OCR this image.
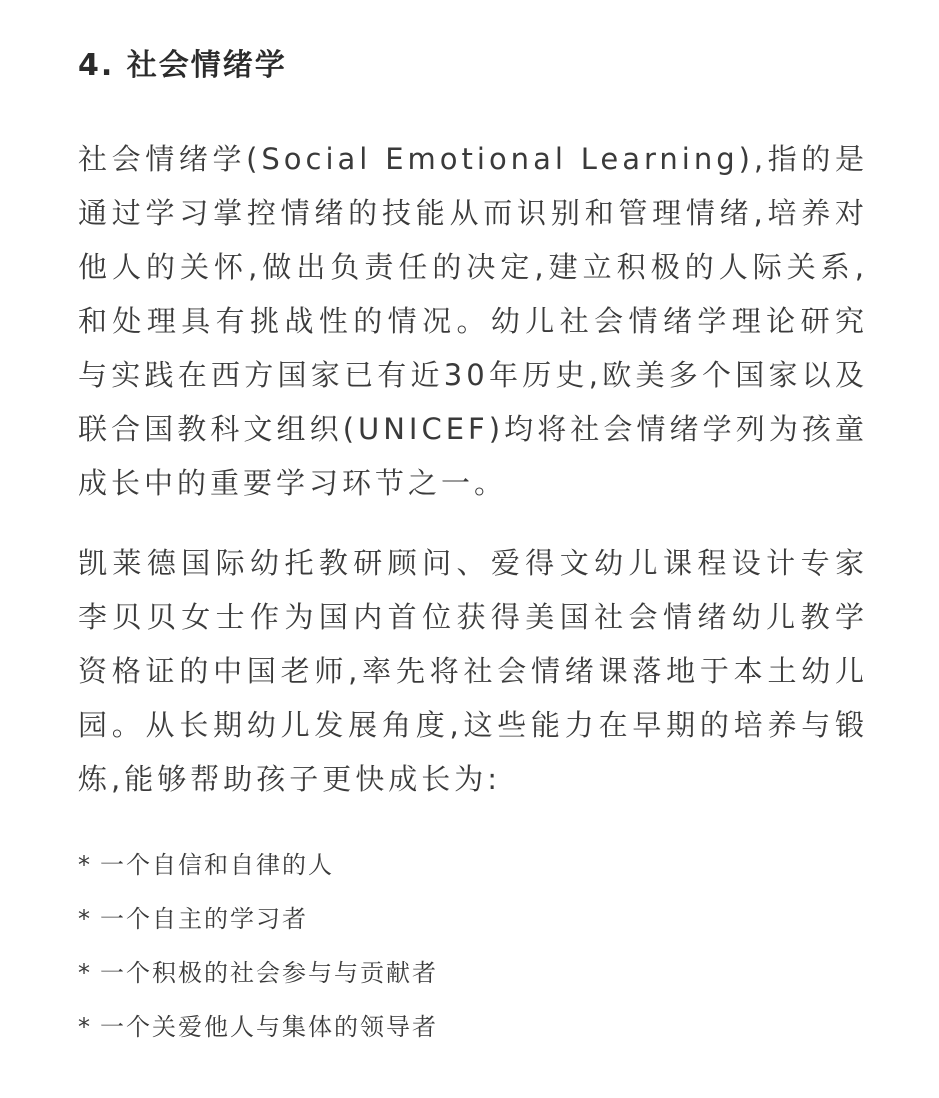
4. 社会情绪学

社会情绪学(Social Emotional Learning),指的是通过学习掌控情绪的技能从而识别和管理情绪,培养对他人的关怀,做出负责任的决定,建立积极的人际关系,和处理具有挑战性的情况。幼儿社会情绪学理论研究与实践在西方国家已有近30年历史,欧美多个国家以及联合国教科文组织(UNICEF)均将社会情绪学列为孩童成长中的重要学习环节之一。

凯莱德国际幼托教研顾问、爱得文幼儿课程设计专家李贝贝女士作为国内首位获得美国社会情绪幼儿教学资格证的中国老师,率先将社会情绪课落地于本土幼儿园。从长期幼儿发展角度,这些能力在早期的培养与锻炼,能够帮助孩子更快成长为:

* 一个自信和自律的人
* 一个自主的学习者
* 一个积极的社会参与与贡献者
* 一个关爱他人与集体的领导者
